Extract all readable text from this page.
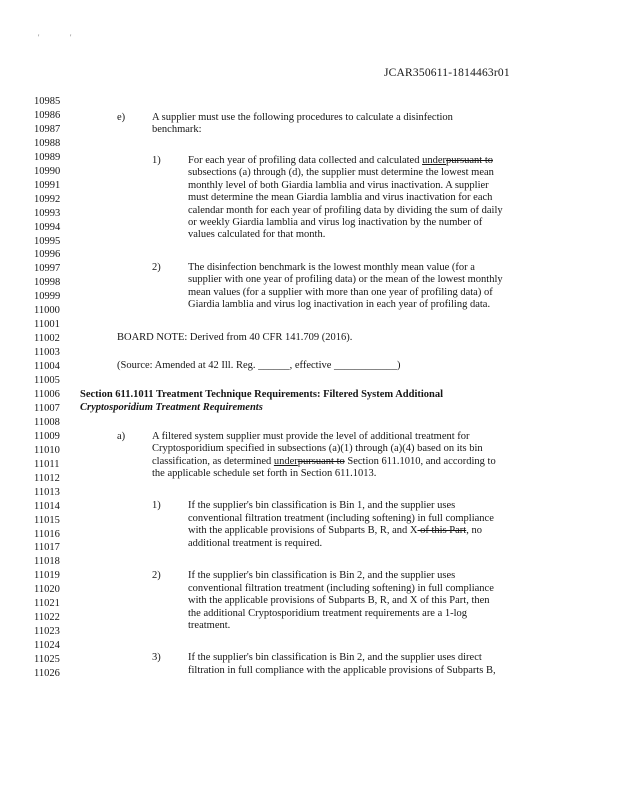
'	'
JCAR350611-1814463r01
10985
10986
10987
10988
10989
10990
10991
10992
10993
10994
10995
10996
10997
10998
10999
11000
11001
11002
11003
11004
11005
11006
11007
11008
11009
11010
11011
11012
11013
11014
11015
11016
11017
11018
11019
11020
11021
11022
11023
11024
11025
11026
e)	A supplier must use the following procedures to calculate a disinfection
benchmark:
1)	For each year of profiling data collected and calculated underpursuant to
subsections (a) through (d), the supplier must determine the lowest mean
monthly level of both Giardia lamblia and virus inactivation. A supplier
must determine the mean Giardia lamblia and virus inactivation for each
calendar month for each year of profiling data by dividing the sum of daily
or weekly Giardia lamblia and virus log inactivation by the number of
values calculated for that month.
2)	The disinfection benchmark is the lowest monthly mean value (for a
supplier with one year of profiling data) or the mean of the lowest monthly
mean values (for a supplier with more than one year of profiling data) of
Giardia lamblia and virus log inactivation in each year of profiling data.
BOARD NOTE: Derived from 40 CFR 141.709 (2016).
(Source: Amended at 42 Ill. Reg. ______, effective ____________)
Section 611.1011 Treatment Technique Requirements: Filtered System Additional
Cryptosporidium Treatment Requirements
a)	A filtered system supplier must provide the level of additional treatment for
Cryptosporidium specified in subsections (a)(1) through (a)(4) based on its bin
classification, as determined underpursuant to Section 611.1010, and according to
the applicable schedule set forth in Section 611.1013.
1)	If the supplier's bin classification is Bin 1, and the supplier uses
conventional filtration treatment (including softening) in full compliance
with the applicable provisions of Subparts B, R, and X of this Part, no
additional treatment is required.
2)	If the supplier's bin classification is Bin 2, and the supplier uses
conventional filtration treatment (including softening) in full compliance
with the applicable provisions of Subparts B, R, and X of this Part, then
the additional Cryptosporidium treatment requirements are a 1-log
treatment.
3)	If the supplier's bin classification is Bin 2, and the supplier uses direct
filtration in full compliance with the applicable provisions of Subparts B,
